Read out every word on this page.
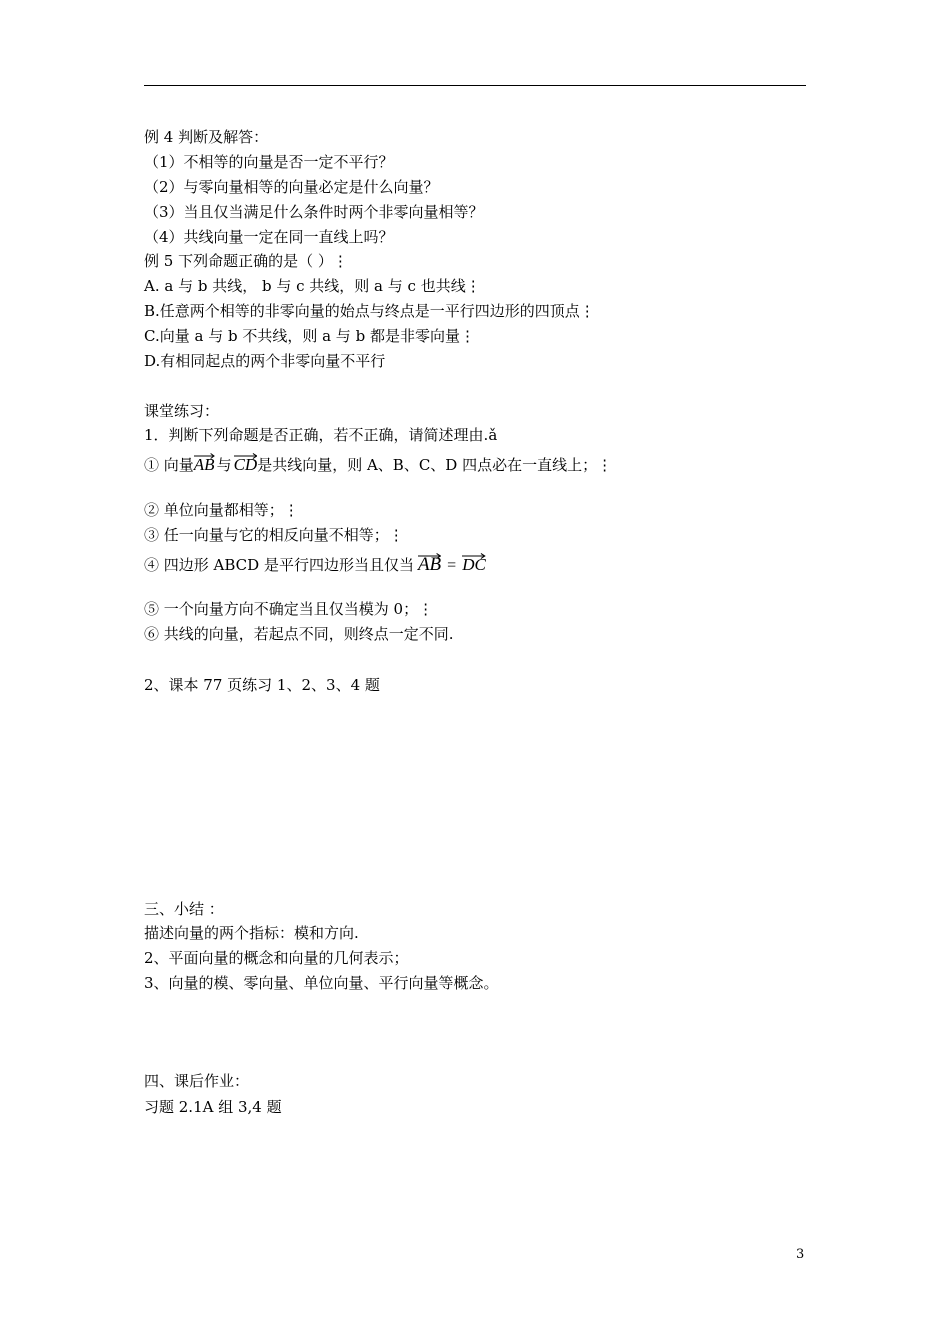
例 4 判断及解答：
（1）不相等的向量是否一定不平行？
（2）与零向量相等的向量必定是什么向量？
（3）当且仅当满足什么条件时两个非零向量相等？
（4）共线向量一定在同一直线上吗？
例 5 下列命题正确的是（ ）⋮
A. a 与 b 共线， b 与 c 共线，则 a 与 c 也共线⋮
B.任意两个相等的非零向量的始点与终点是一平行四边形的四顶点⋮
C.向量 a 与 b 不共线，则 a 与 b 都是非零向量⋮
D.有相同起点的两个非零向量不平行
课堂练习：
1．判断下列命题是否正确，若不正确，请简述理由.ǎ
① 向量
AB 与 CD是共线向量，则 A、B、C、D 四点必在一直线上；⋮
② 单位向量都相等；⋮
③ 任一向量与它的相反向量不相等；⋮
④ 四边形 ABCD 是平行四边形当且仅当 AB = DC
⑤ 一个向量方向不确定当且仅当模为 0；⋮
⑥ 共线的向量，若起点不同，则终点一定不同.
2、课本 77 页练习 1、2、3、4 题
三、小结 ：
描述向量的两个指标：模和方向.
2、平面向量的概念和向量的几何表示；
3、向量的模、零向量、单位向量、平行向量等概念。
四、课后作业：
习题 2.1A 组 3,4 题
3
